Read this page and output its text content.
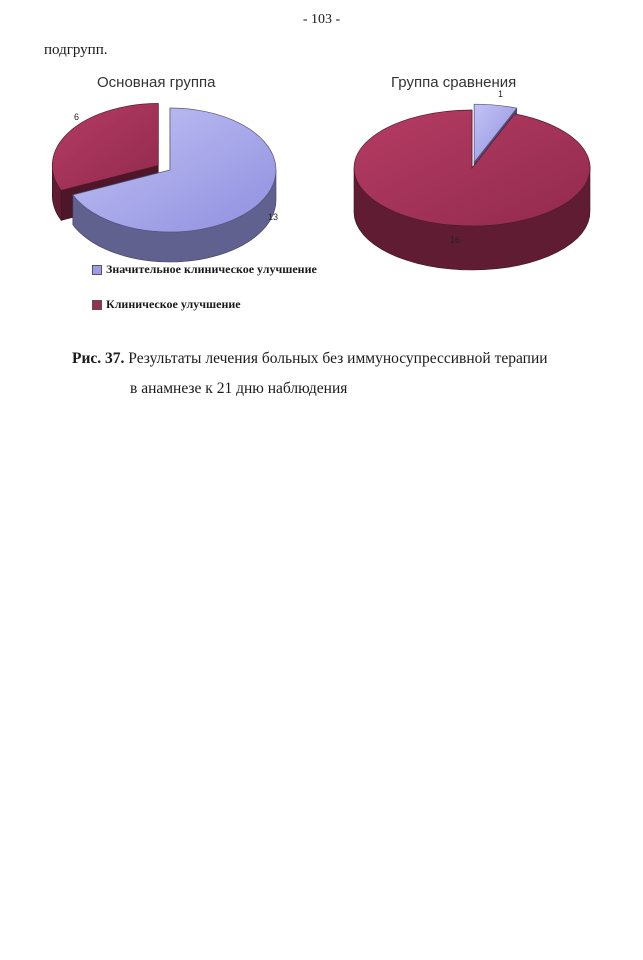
- 103 -
подгрупп.
Основная группа	Группа сравнения
13
6
1
16
Значительное клиническое улучшение
Клиническое улучшение
Рис. 37. Результаты лечения больных без иммуносупрессивной терапии
в анамнезе к 21 дню наблюдения
